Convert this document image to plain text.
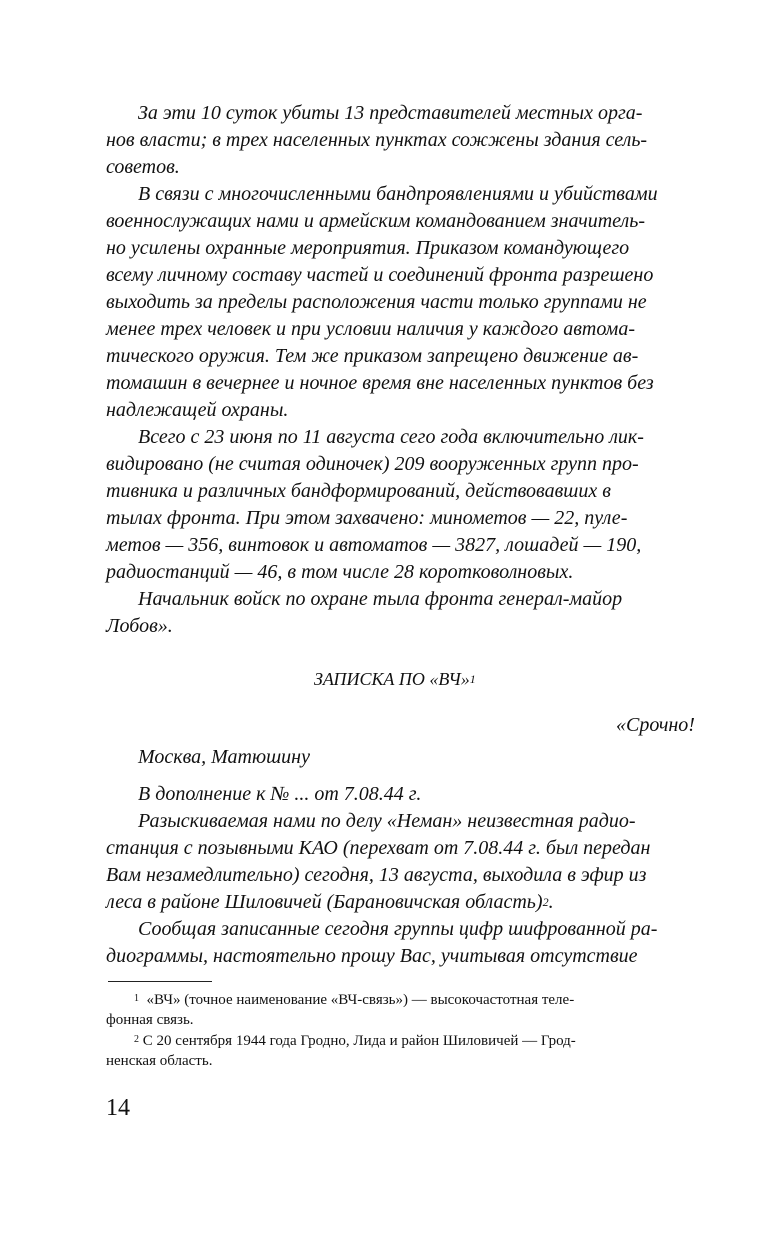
За эти 10 суток убиты 13 представителей местных орга-
нов власти; в трех населенных пунктах сожжены здания сель-
советов.
В связи с многочисленными бандпроявлениями и убийствами
военнослужащих нами и армейским командованием значитель-
но усилены охранные мероприятия. Приказом командующего
всему личному составу частей и соединений фронта разрешено
выходить за пределы расположения части только группами не
менее трех человек и при условии наличия у каждого автома-
тического оружия. Тем же приказом запрещено движение ав-
томашин в вечернее и ночное время вне населенных пунктов без
надлежащей охраны.
Всего с 23 июня по 11 августа сего года включительно лик-
видировано (не считая одиночек) 209 вооруженных групп про-
тивника и различных бандформирований, действовавших в
тылах фронта. При этом захвачено: минометов — 22, пуле-
метов — 356, винтовок и автоматов — 3827, лошадей — 190,
радиостанций — 46, в том числе 28 коротковолновых.
Начальник войск по охране тыла фронта генерал-майор
Лобов».
ЗАПИСКА ПО «ВЧ»$^1$
«Срочно!
Москва, Матюшину
В дополнение к № ... от 7.08.44 г.
Разыскиваемая нами по делу «Неман» неизвестная радио-
станция с позывными КАО (перехват от 7.08.44 г. был передан
Вам незамедлительно) сегодня, 13 августа, выходила в эфир из
леса в районе Шиловичей (Барановичская область)$^2$.
Сообщая записанные сегодня группы цифр шифрованной ра-
диограммы, настоятельно прошу Вас, учитывая отсутствие
$^1$ «ВЧ» (точное наименование «ВЧ-связь») — высокочастотная теле-
фонная связь.
$^2$ С 20 сентября 1944 года Гродно, Лида и район Шиловичей — Грод-
ненская область.
14
